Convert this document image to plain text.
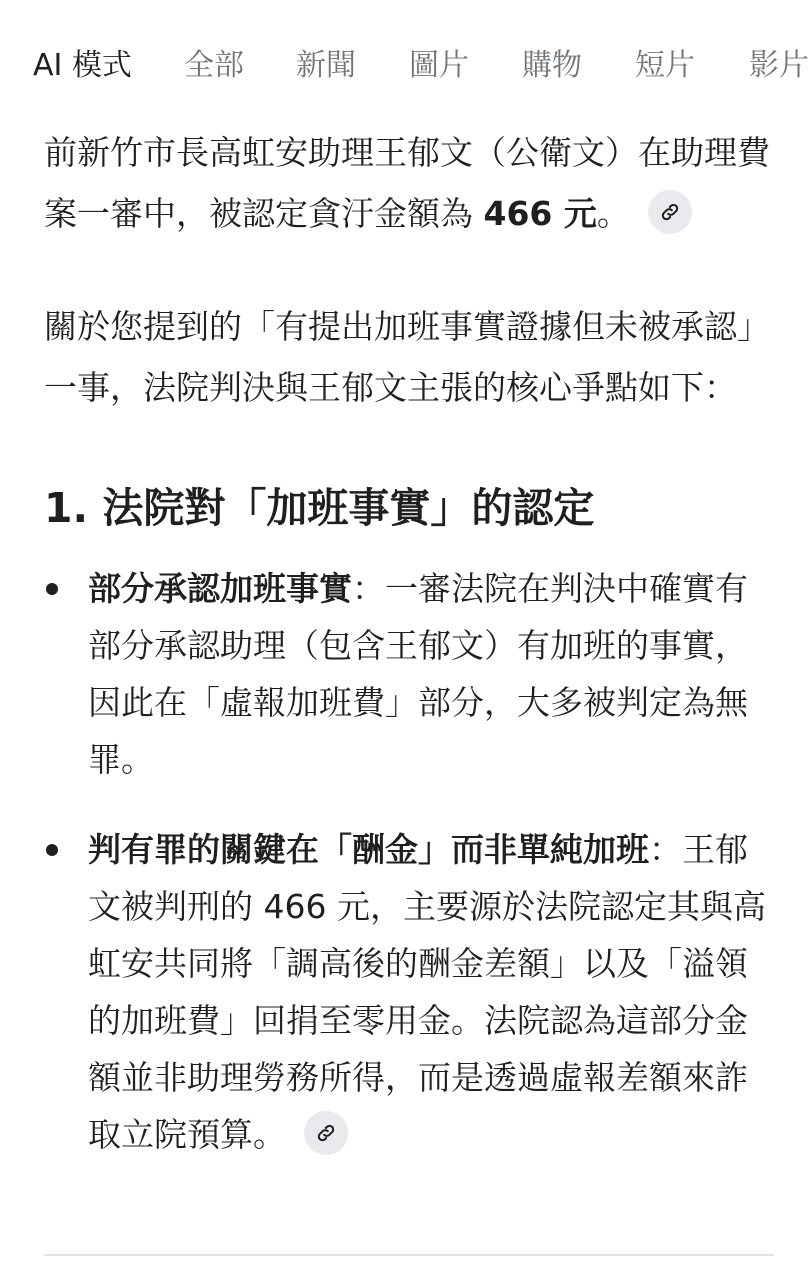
AI 模式 全部 新聞 圖片 購物 短片 影片

前新竹市長高虹安助理王郁文（公衛文）在助理費案一審中，被認定貪汙金額為 466 元。

關於您提到的「有提出加班事實證據但未被承認」一事，法院判決與王郁文主張的核心爭點如下：

1. 法院對「加班事實」的認定
部分承認加班事實：一審法院在判決中確實有部分承認助理（包含王郁文）有加班的事實，因此在「虛報加班費」部分，大多被判定為無罪。
判有罪的關鍵在「酬金」而非單純加班：王郁文被判刑的 466 元，主要源於法院認定其與高虹安共同將「調高後的酬金差額」以及「溢領的加班費」回捐至零用金。法院認為這部分金額並非助理勞務所得，而是透過虛報差額來詐取立院預算。
